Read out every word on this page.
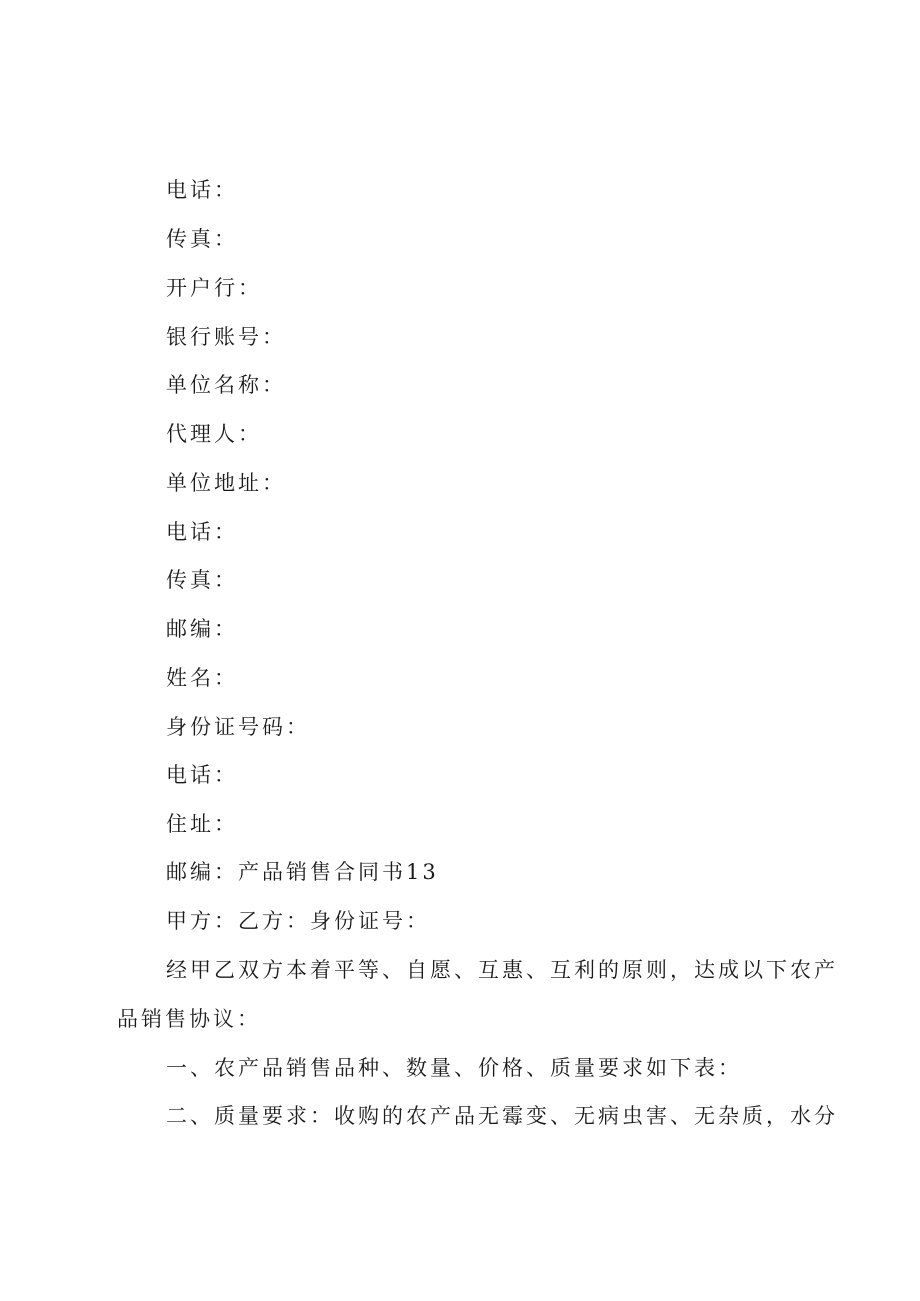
电话：
传真：
开户行：
银行账号：
单位名称：
代理人：
单位地址：
电话：
传真：
邮编：
姓名：
身份证号码：
电话：
住址：
邮编：产品销售合同书13
甲方：乙方：身份证号：
经甲乙双方本着平等、自愿、互惠、互利的原则，达成以下农产
品销售协议：
一、农产品销售品种、数量、价格、质量要求如下表：
二、质量要求：收购的农产品无霉变、无病虫害、无杂质，水分
